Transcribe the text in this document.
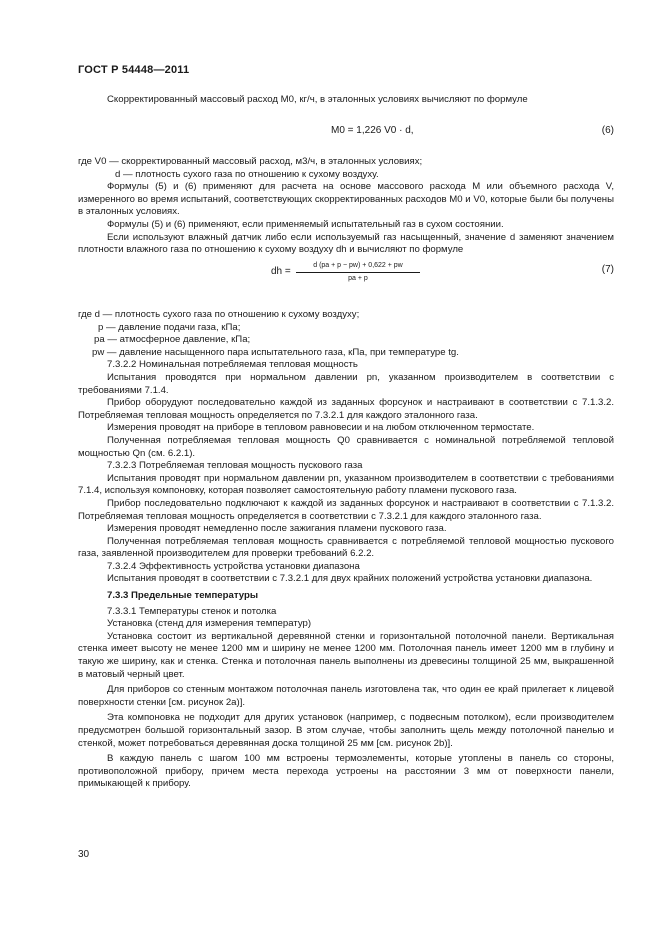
ГОСТ Р 54448—2011

Скорректированный массовый расход M0, кг/ч, в эталонных условиях вычисляют по формуле

M0 = 1,226 V0 · d,	(6)

где V0 — скорректированный массовый расход, м3/ч, в эталонных условиях;

d — плотность сухого газа по отношению к сухому воздуху.

Формулы (5) и (6) применяют для расчета на основе массового расхода M или объемного расхода V, измеренного во время испытаний, соответствующих скорректированных расходов M0 и V0, которые были бы получены в эталонных условиях.

Формулы (5) и (6) применяют, если применяемый испытательный газ в сухом состоянии.

Если используют влажный датчик либо если используемый газ насыщенный, значение d заменяют значением плотности влажного газа по отношению к сухому воздуху dh и вычисляют по формуле

dh =
d (pa + p − pw) + 0,622 + pw
pa + p
(7)

где d — плотность сухого газа по отношению к сухому воздуху;

p — давление подачи газа, кПа;

pa — атмосферное давление, кПа;

pw — давление насыщенного пара испытательного газа, кПа, при температуре tg.

7.3.2.2 Номинальная потребляемая тепловая мощность

Испытания проводятся при нормальном давлении pn, указанном производителем в соответствии с требованиями 7.1.4.

Прибор оборудуют последовательно каждой из заданных форсунок и настраивают в соответствии с 7.1.3.2. Потребляемая тепловая мощность определяется по 7.3.2.1 для каждого эталонного газа.

Измерения проводят на приборе в тепловом равновесии и на любом отключенном термостате.

Полученная потребляемая тепловая мощность Q0 сравнивается с номинальной потребляемой тепловой мощностью Qn (см. 6.2.1).

7.3.2.3 Потребляемая тепловая мощность пускового газа

Испытания проводят при нормальном давлении pn, указанном производителем в соответствии с требованиями 7.1.4, используя компоновку, которая позволяет самостоятельную работу пламени пускового газа.

Прибор последовательно подключают к каждой из заданных форсунок и настраивают в соответствии с 7.1.3.2. Потребляемая тепловая мощность определяется в соответствии с 7.3.2.1 для каждого эталонного газа.

Измерения проводят немедленно после зажигания пламени пускового газа.

Полученная потребляемая тепловая мощность сравнивается с потребляемой тепловой мощностью пускового газа, заявленной производителем для проверки требований 6.2.2.

7.3.2.4 Эффективность устройства установки диапазона

Испытания проводят в соответствии с 7.3.2.1 для двух крайних положений устройства установки диапазона.

7.3.3 Предельные температуры

7.3.3.1 Температуры стенок и потолка

Установка (стенд для измерения температур)

Установка состоит из вертикальной деревянной стенки и горизонтальной потолочной панели. Вертикальная стенка имеет высоту не менее 1200 мм и ширину не менее 1200 мм. Потолочная панель имеет 1200 мм в глубину и такую же ширину, как и стенка. Стенка и потолочная панель выполнены из древесины толщиной 25 мм, выкрашенной в матовый черный цвет.

Для приборов со стенным монтажом потолочная панель изготовлена так, что один ее край прилегает к лицевой поверхности стенки [см. рисунок 2а)].

Эта компоновка не подходит для других установок (например, с подвесным потолком), если производителем предусмотрен большой горизонтальный зазор. В этом случае, чтобы заполнить щель между потолочной панелью и стенкой, может потребоваться деревянная доска толщиной 25 мм [см. рисунок 2b)].

В каждую панель с шагом 100 мм встроены термоэлементы, которые утоплены в панель со стороны, противоположной прибору, причем места перехода устроены на расстоянии 3 мм от поверхности панели, примыкающей к прибору.

30
